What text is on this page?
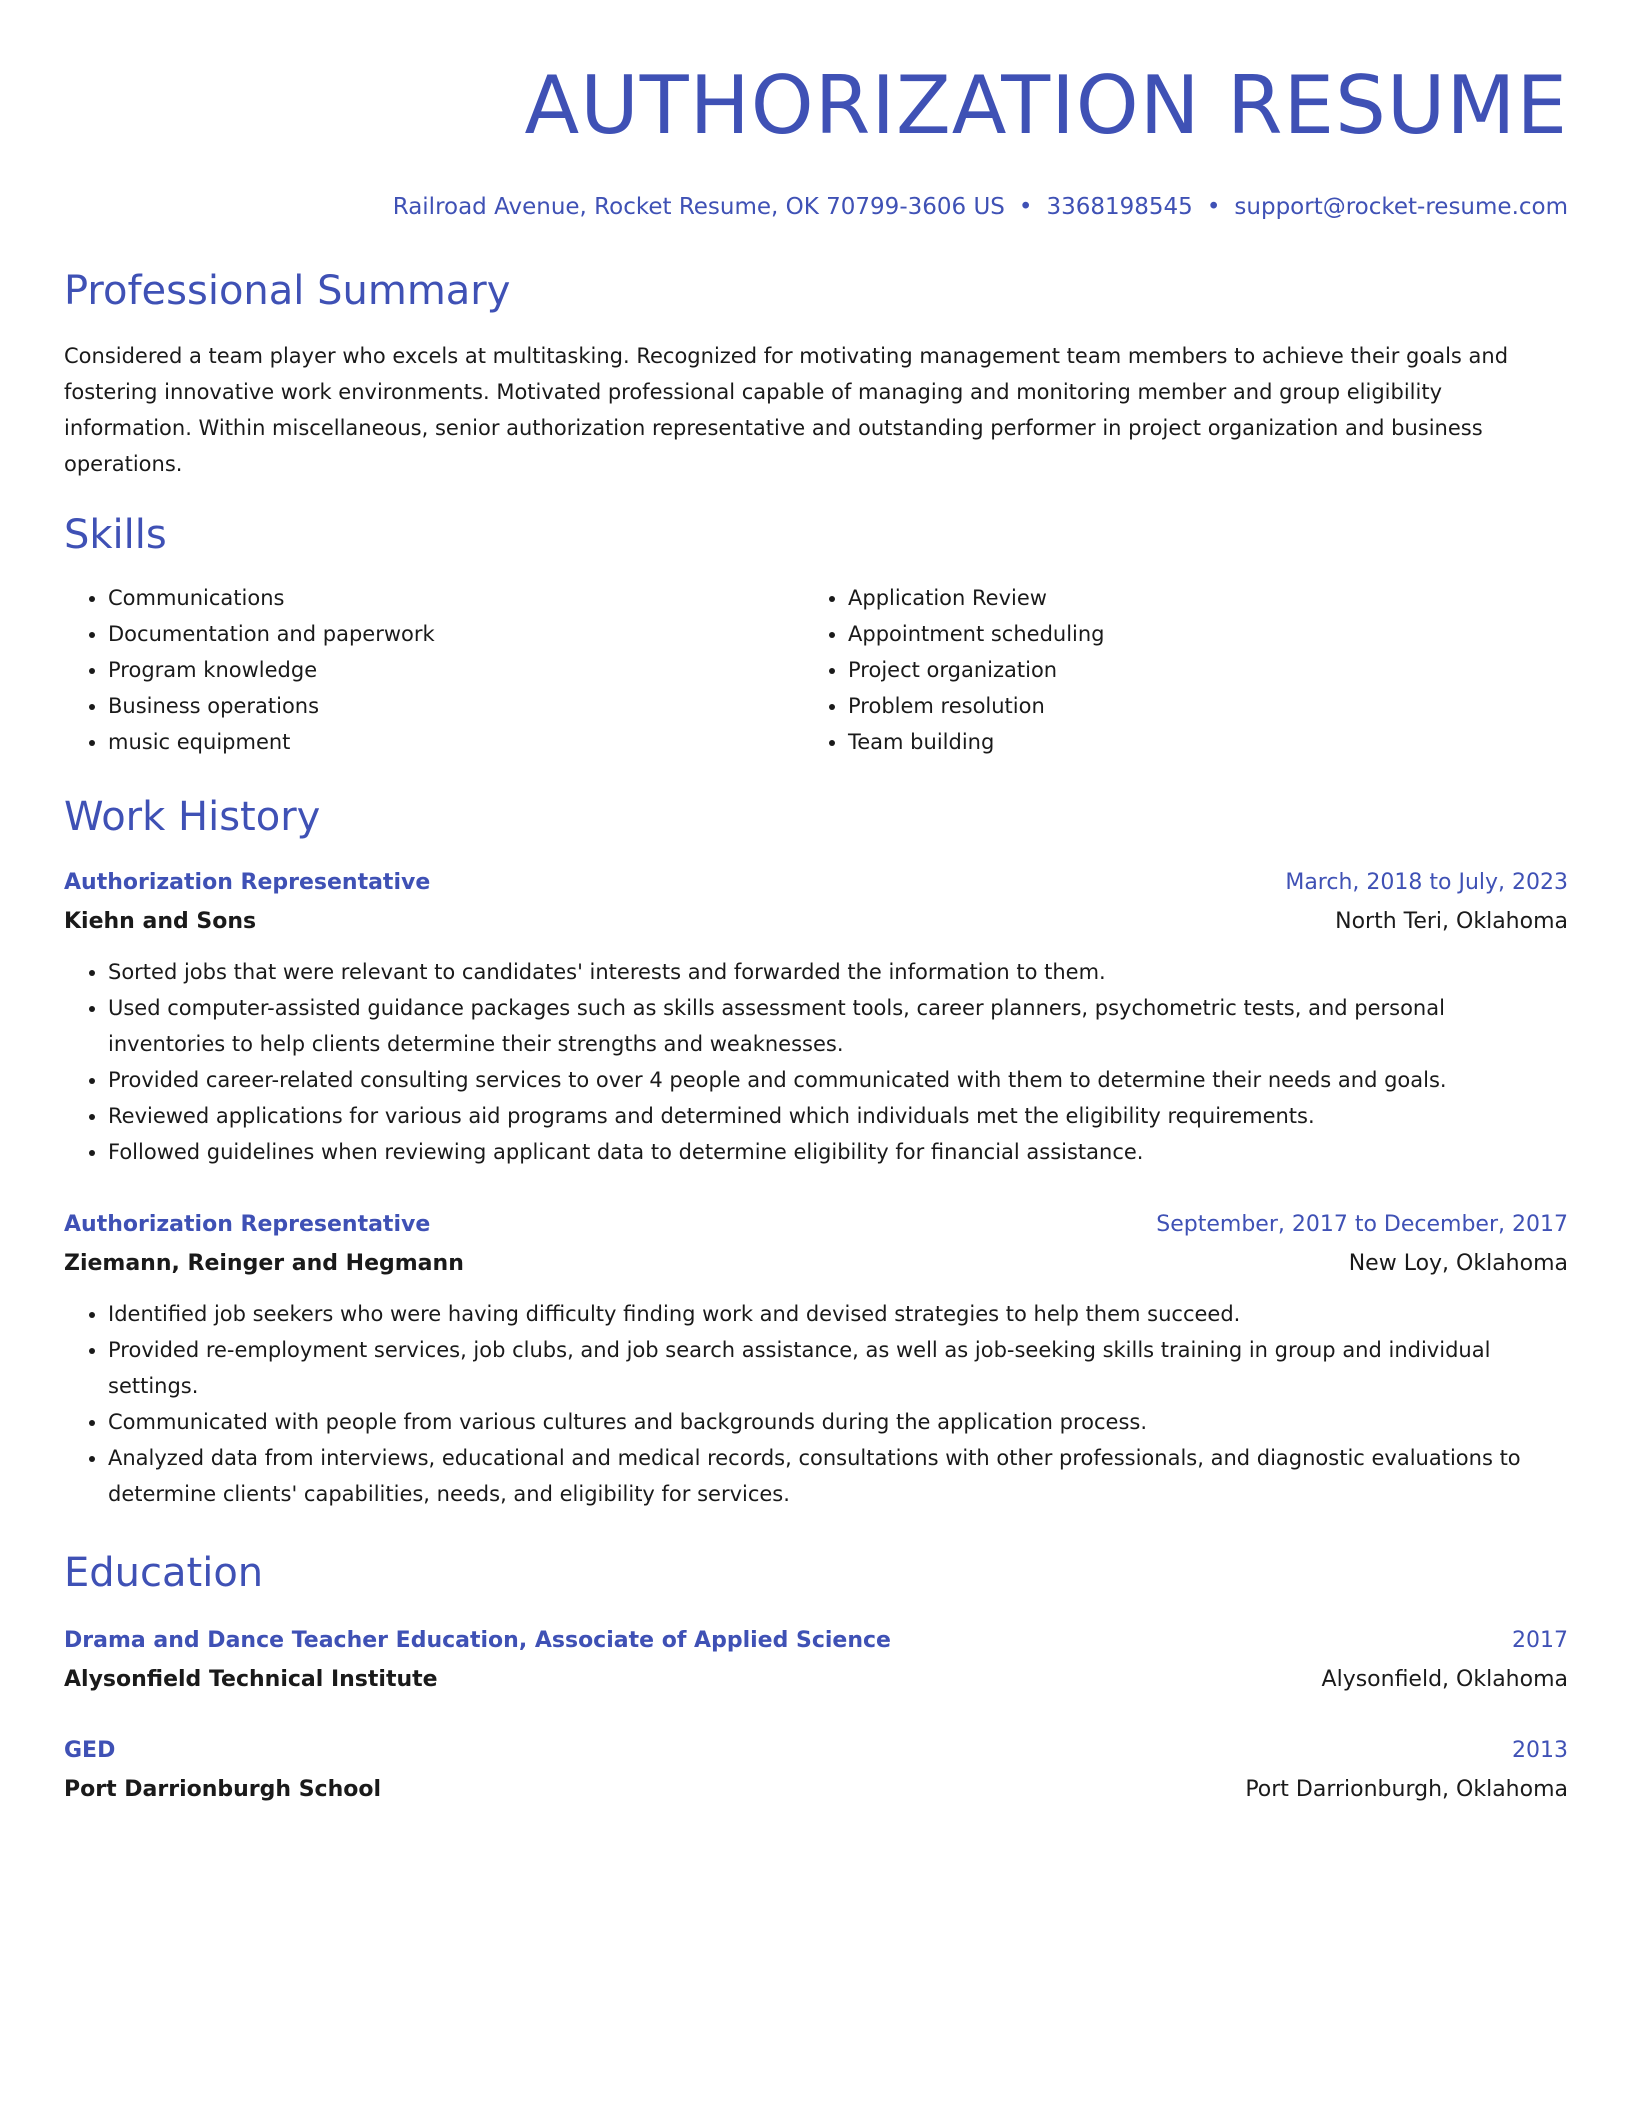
AUTHORIZATION RESUME
Railroad Avenue, Rocket Resume, OK 70799-3606 US • 3368198545 • support@rocket-resume.com
Professional Summary

Considered a team player who excels at multitasking. Recognized for motivating management team members to achieve their goals and fostering innovative work environments. Motivated professional capable of managing and monitoring member and group eligibility information. Within miscellaneous, senior authorization representative and outstanding performer in project organization and business operations.

Skills
• Communications
• Documentation and paperwork
• Program knowledge
• Business operations
• music equipment
• Application Review
• Appointment scheduling
• Project organization
• Problem resolution
• Team building
Work History
Authorization Representative	March, 2018 to July, 2023
Kiehn and Sons	North Teri, Oklahoma
• Sorted jobs that were relevant to candidates' interests and forwarded the information to them.
• Used computer-assisted guidance packages such as skills assessment tools, career planners, psychometric tests, and personal inventories to help clients determine their strengths and weaknesses.
• Provided career-related consulting services to over 4 people and communicated with them to determine their needs and goals.
• Reviewed applications for various aid programs and determined which individuals met the eligibility requirements.
• Followed guidelines when reviewing applicant data to determine eligibility for financial assistance.
Authorization Representative	September, 2017 to December, 2017
Ziemann, Reinger and Hegmann	New Loy, Oklahoma
• Identified job seekers who were having difficulty finding work and devised strategies to help them succeed.
• Provided re-employment services, job clubs, and job search assistance, as well as job-seeking skills training in group and individual settings.
• Communicated with people from various cultures and backgrounds during the application process.
• Analyzed data from interviews, educational and medical records, consultations with other professionals, and diagnostic evaluations to determine clients' capabilities, needs, and eligibility for services.
Education
Drama and Dance Teacher Education, Associate of Applied Science	2017
Alysonfield Technical Institute	Alysonfield, Oklahoma
GED	2013
Port Darrionburgh School	Port Darrionburgh, Oklahoma
